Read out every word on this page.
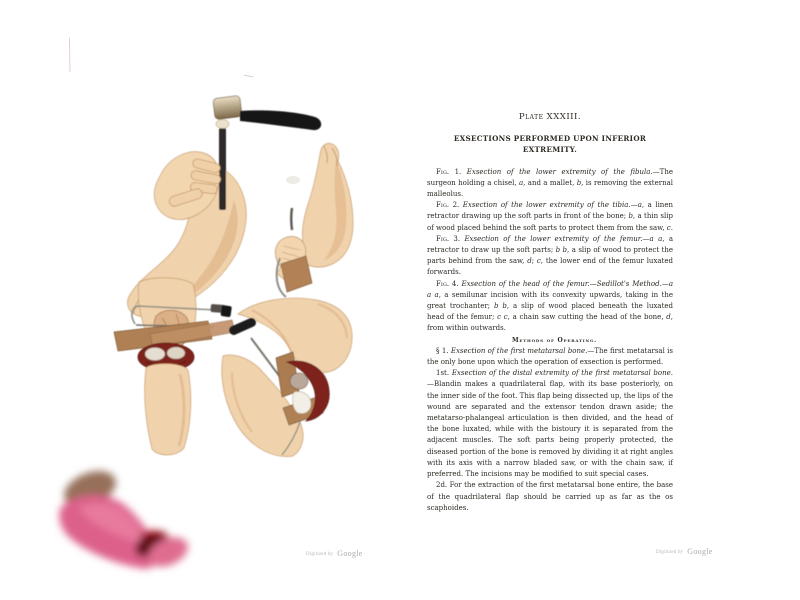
Plate XXXIII.
EXSECTIONS PERFORMED UPON INFERIOR EXTREMITY.

Fig. 1. Exsection of the lower extremity of the fibula.—The surgeon holding a chisel, a, and a mallet, b, is removing the external malleolus.

Fig. 2. Exsection of the lower extremity of the tibia.—a, a linen retractor drawing up the soft parts in front of the bone; b, a thin slip of wood placed behind the soft parts to protect them from the saw, c.

Fig. 3. Exsection of the lower extremity of the femur.—a a, a retractor to draw up the soft parts; b b, a slip of wood to protect the parts behind from the saw, d; c, the lower end of the femur luxated forwards.

Fig. 4. Exsection of the head of the femur.—Sedillot's Method.—a a a, a semilunar incision with its convexity upwards, taking in the great trochanter; b b, a slip of wood placed beneath the luxated head of the femur; c c, a chain saw cutting the head of the bone, d, from within outwards.

Methods of Operating.

§ 1. Exsection of the first metatarsal bone.—The first metatarsal is the only bone upon which the operation of exsection is performed.

1st. Exsection of the distal extremity of the first metatarsal bone.—Blandin makes a quadrilateral flap, with its base posteriorly, on the inner side of the foot. This flap being dissected up, the lips of the wound are separated and the extensor tendon drawn aside; the metatarso-phalangeal articulation is then divided, and the head of the bone luxated, while with the bistoury it is separated from the adjacent muscles. The soft parts being properly protected, the diseased portion of the bone is removed by dividing it at right angles with its axis with a narrow bladed saw, or with the chain saw, if preferred. The incisions may be modified to suit special cases.

2d. For the extraction of the first metatarsal bone entire, the base of the quadrilateral flap should be carried up as far as the os scaphoides.

Digitized by Google	Digitized by Google
